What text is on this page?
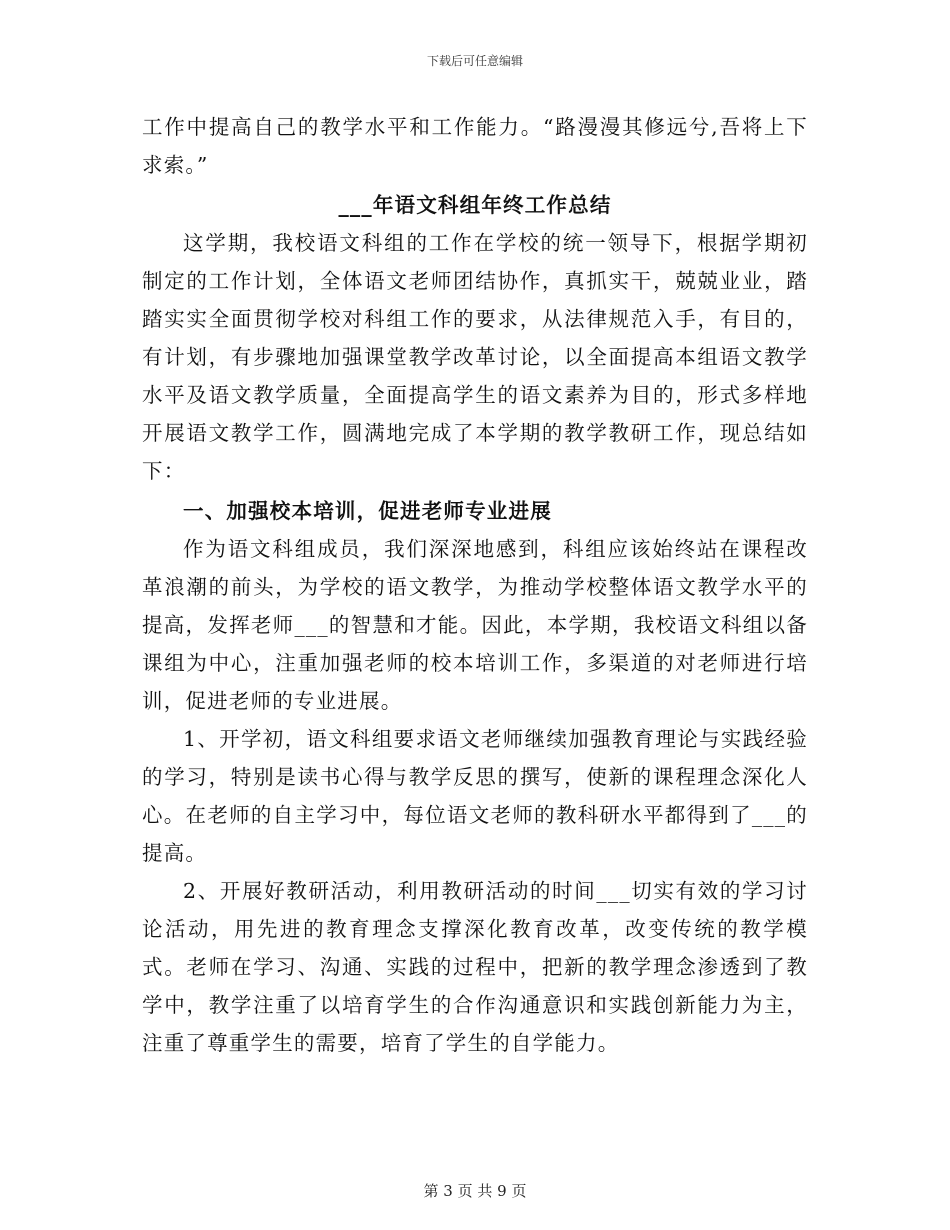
下载后可任意编辑

工作中提高自己的教学水平和工作能力。“路漫漫其修远兮,吾将上下求索。”

___年语文科组年终工作总结

这学期，我校语文科组的工作在学校的统一领导下，根据学期初制定的工作计划，全体语文老师团结协作，真抓实干，兢兢业业，踏踏实实全面贯彻学校对科组工作的要求，从法律规范入手，有目的，有计划，有步骤地加强课堂教学改革讨论，以全面提高本组语文教学水平及语文教学质量，全面提高学生的语文素养为目的，形式多样地开展语文教学工作，圆满地完成了本学期的教学教研工作，现总结如下：

一、加强校本培训，促进老师专业进展

作为语文科组成员，我们深深地感到，科组应该始终站在课程改革浪潮的前头，为学校的语文教学，为推动学校整体语文教学水平的提高，发挥老师___的智慧和才能。因此，本学期，我校语文科组以备课组为中心，注重加强老师的校本培训工作，多渠道的对老师进行培训，促进老师的专业进展。

1、开学初，语文科组要求语文老师继续加强教育理论与实践经验的学习，特别是读书心得与教学反思的撰写，使新的课程理念深化人心。在老师的自主学习中，每位语文老师的教科研水平都得到了___的提高。

2、开展好教研活动，利用教研活动的时间___切实有效的学习讨论活动，用先进的教育理念支撑深化教育改革，改变传统的教学模式。老师在学习、沟通、实践的过程中，把新的教学理念渗透到了教学中，教学注重了以培育学生的合作沟通意识和实践创新能力为主，注重了尊重学生的需要，培育了学生的自学能力。

第 3 页 共 9 页
